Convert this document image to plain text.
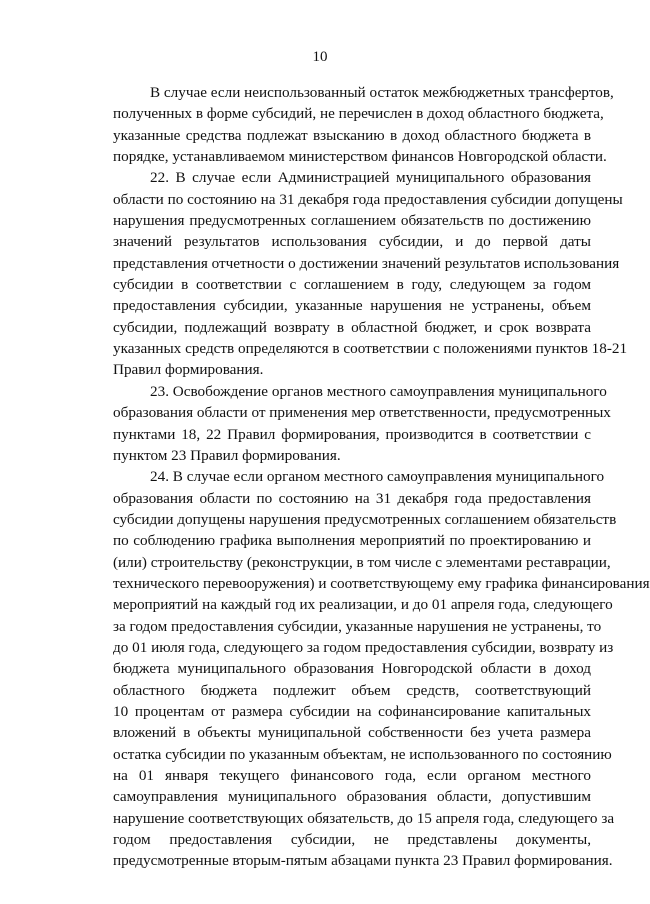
10
В случае если неиспользованный остаток межбюджетных трансфертов,
полученных в форме субсидий, не перечислен в доход областного бюджета,
указанные средства подлежат взысканию в доход областного бюджета в
порядке, устанавливаемом министерством финансов Новгородской области.
22. В случае если Администрацией муниципального образования
области по состоянию на 31 декабря года предоставления субсидии допущены
нарушения предусмотренных соглашением обязательств по достижению
значений результатов использования субсидии, и до первой даты
представления отчетности о достижении значений результатов использования
субсидии в соответствии с соглашением в году, следующем за годом
предоставления субсидии, указанные нарушения не устранены, объем
субсидии, подлежащий возврату в областной бюджет, и срок возврата
указанных средств определяются в соответствии с положениями пунктов 18-21
Правил формирования.
23. Освобождение органов местного самоуправления муниципального
образования области от применения мер ответственности, предусмотренных
пунктами 18, 22 Правил формирования, производится в соответствии с
пунктом 23 Правил формирования.
24. В случае если органом местного самоуправления муниципального
образования области по состоянию на 31 декабря года предоставления
субсидии допущены нарушения предусмотренных соглашением обязательств
по соблюдению графика выполнения мероприятий по проектированию и
(или) строительству (реконструкции, в том числе с элементами реставрации,
технического перевооружения) и соответствующему ему графика финансирования
мероприятий на каждый год их реализации, и до 01 апреля года, следующего
за годом предоставления субсидии, указанные нарушения не устранены, то
до 01 июля года, следующего за годом предоставления субсидии, возврату из
бюджета муниципального образования Новгородской области в доход
областного бюджета подлежит объем средств, соответствующий
10 процентам от размера субсидии на софинансирование капитальных
вложений в объекты муниципальной собственности без учета размера
остатка субсидии по указанным объектам, не использованного по состоянию
на 01 января текущего финансового года, если органом местного
самоуправления муниципального образования области, допустившим
нарушение соответствующих обязательств, до 15 апреля года, следующего за
годом предоставления субсидии, не представлены документы,
предусмотренные вторым-пятым абзацами пункта 23 Правил формирования.
